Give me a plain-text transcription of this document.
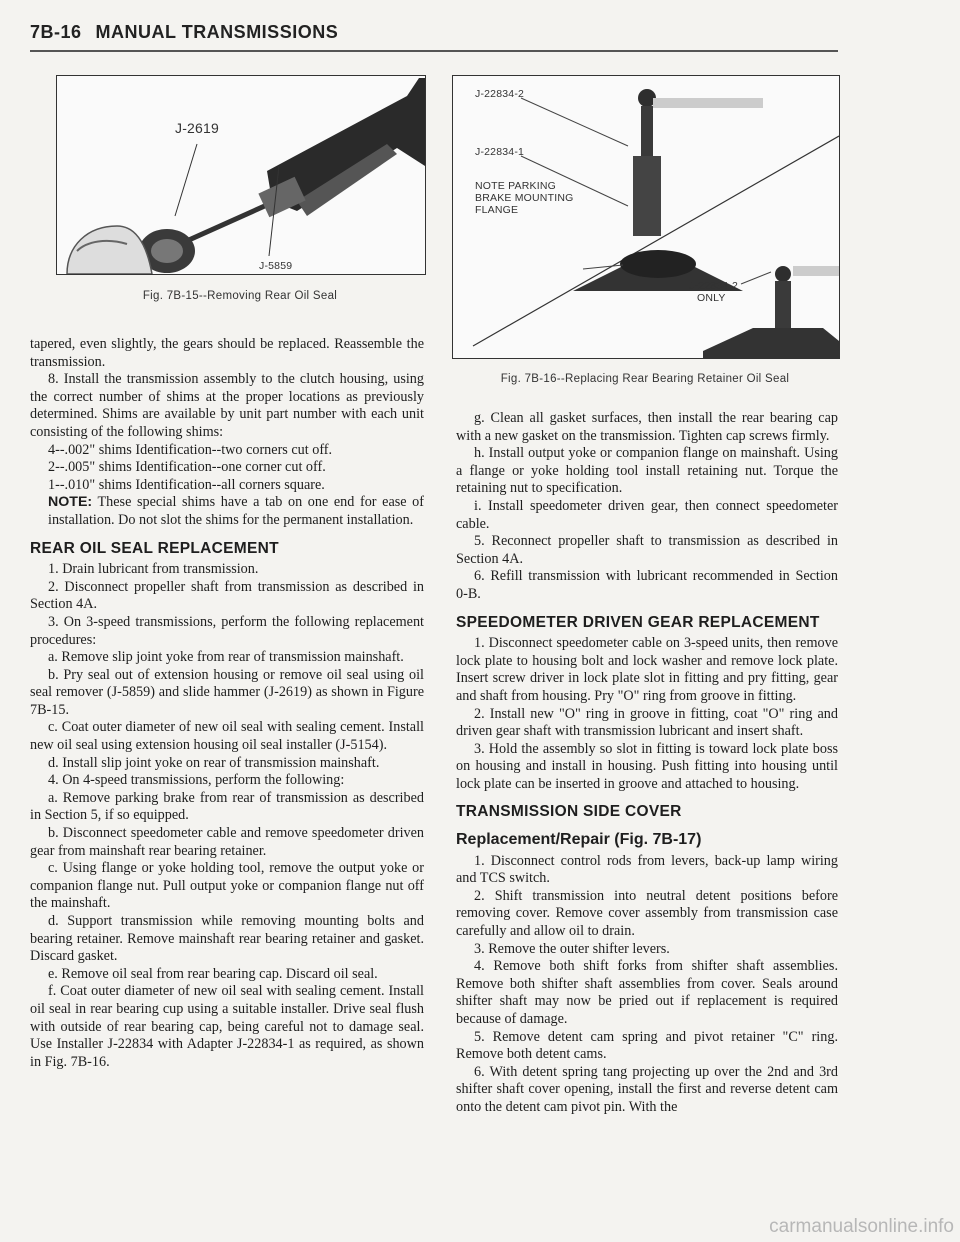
7B-16 MANUAL TRANSMISSIONS
J-2619
J-5859
Fig. 7B-15--Removing Rear Oil Seal
J-22834-2
J-22834-1
NOTE PARKING
BRAKE MOUNTING
FLANGE
J-22834-2
ONLY
Fig. 7B-16--Replacing Rear Bearing Retainer Oil Seal

tapered, even slightly, the gears should be replaced. Reassemble the transmission.

8. Install the transmission assembly to the clutch housing, using the correct number of shims at the proper locations as previously determined. Shims are available by unit part number with each unit consisting of the following shims:

4--.002" shims Identification--two corners cut off.

2--.005" shims Identification--one corner cut off.

1--.010" shims Identification--all corners square.

NOTE: These special shims have a tab on one end for ease of installation. Do not slot the shims for the permanent installation.

REAR OIL SEAL REPLACEMENT

1. Drain lubricant from transmission.

2. Disconnect propeller shaft from transmission as described in Section 4A.

3. On 3-speed transmissions, perform the following replacement procedures:

a. Remove slip joint yoke from rear of transmission mainshaft.

b. Pry seal out of extension housing or remove oil seal using oil seal remover (J-5859) and slide hammer (J-2619) as shown in Figure 7B-15.

c. Coat outer diameter of new oil seal with sealing cement. Install new oil seal using extension housing oil seal installer (J-5154).

d. Install slip joint yoke on rear of transmission mainshaft.

4. On 4-speed transmissions, perform the following:

a. Remove parking brake from rear of transmission as described in Section 5, if so equipped.

b. Disconnect speedometer cable and remove speedometer driven gear from mainshaft rear bearing retainer.

c. Using flange or yoke holding tool, remove the output yoke or companion flange nut. Pull output yoke or companion flange nut off the mainshaft.

d. Support transmission while removing mounting bolts and bearing retainer. Remove mainshaft rear bearing retainer and gasket. Discard gasket.

e. Remove oil seal from rear bearing cap. Discard oil seal.

f. Coat outer diameter of new oil seal with sealing cement. Install oil seal in rear bearing cup using a suitable installer. Drive seal flush with outside of rear bearing cap, being careful not to damage seal. Use Installer J-22834 with Adapter J-22834-1 as required, as shown in Fig. 7B-16.

g. Clean all gasket surfaces, then install the rear bearing cap with a new gasket on the transmission. Tighten cap screws firmly.

h. Install output yoke or companion flange on mainshaft. Using a flange or yoke holding tool install retaining nut. Torque the retaining nut to specification.

i. Install speedometer driven gear, then connect speedometer cable.

5. Reconnect propeller shaft to transmission as described in Section 4A.

6. Refill transmission with lubricant recommended in Section 0-B.

SPEEDOMETER DRIVEN GEAR REPLACEMENT

1. Disconnect speedometer cable on 3-speed units, then remove lock plate to housing bolt and lock washer and remove lock plate. Insert screw driver in lock plate slot in fitting and pry fitting, gear and shaft from housing. Pry "O" ring from groove in fitting.

2. Install new "O" ring in groove in fitting, coat "O" ring and driven gear shaft with transmission lubricant and insert shaft.

3. Hold the assembly so slot in fitting is toward lock plate boss on housing and install in housing. Push fitting into housing until lock plate can be inserted in groove and attached to housing.

TRANSMISSION SIDE COVER
Replacement/Repair (Fig. 7B-17)

1. Disconnect control rods from levers, back-up lamp wiring and TCS switch.

2. Shift transmission into neutral detent positions before removing cover. Remove cover assembly from transmission case carefully and allow oil to drain.

3. Remove the outer shifter levers.

4. Remove both shift forks from shifter shaft assemblies. Remove both shifter shaft assemblies from cover. Seals around shifter shaft may now be pried out if replacement is required because of damage.

5. Remove detent cam spring and pivot retainer "C" ring. Remove both detent cams.

6. With detent spring tang projecting up over the 2nd and 3rd shifter shaft cover opening, install the first and reverse detent cam onto the detent cam pivot pin. With the

carmanualsonline.info
